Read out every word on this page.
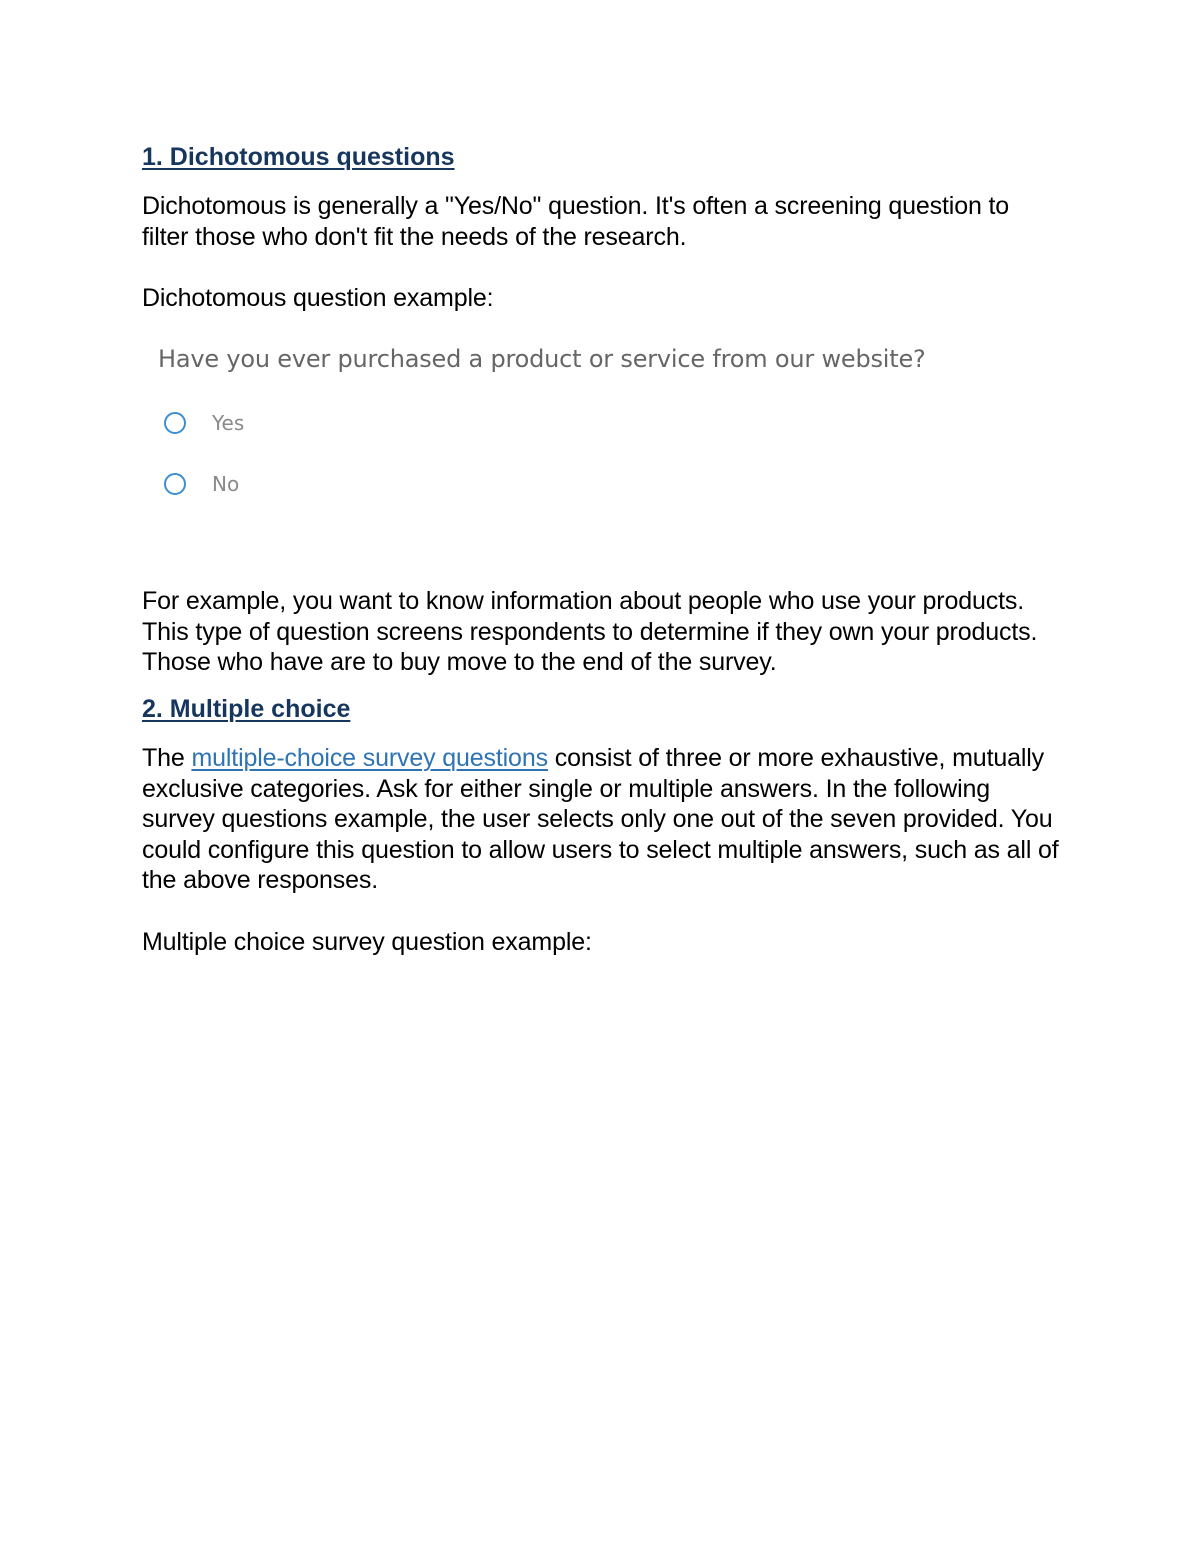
1. Dichotomous questions

Dichotomous is generally a "Yes/No" question. It's often a screening question to filter those who don't fit the needs of the research.

Dichotomous question example:

Have you ever purchased a product or service from our website?
Yes
No

For example, you want to know information about people who use your products. This type of question screens respondents to determine if they own your products. Those who have are to buy move to the end of the survey.

2. Multiple choice

The multiple-choice survey questions consist of three or more exhaustive, mutually exclusive categories. Ask for either single or multiple answers. In the following survey questions example, the user selects only one out of the seven provided. You could configure this question to allow users to select multiple answers, such as all of the above responses.

Multiple choice survey question example:
